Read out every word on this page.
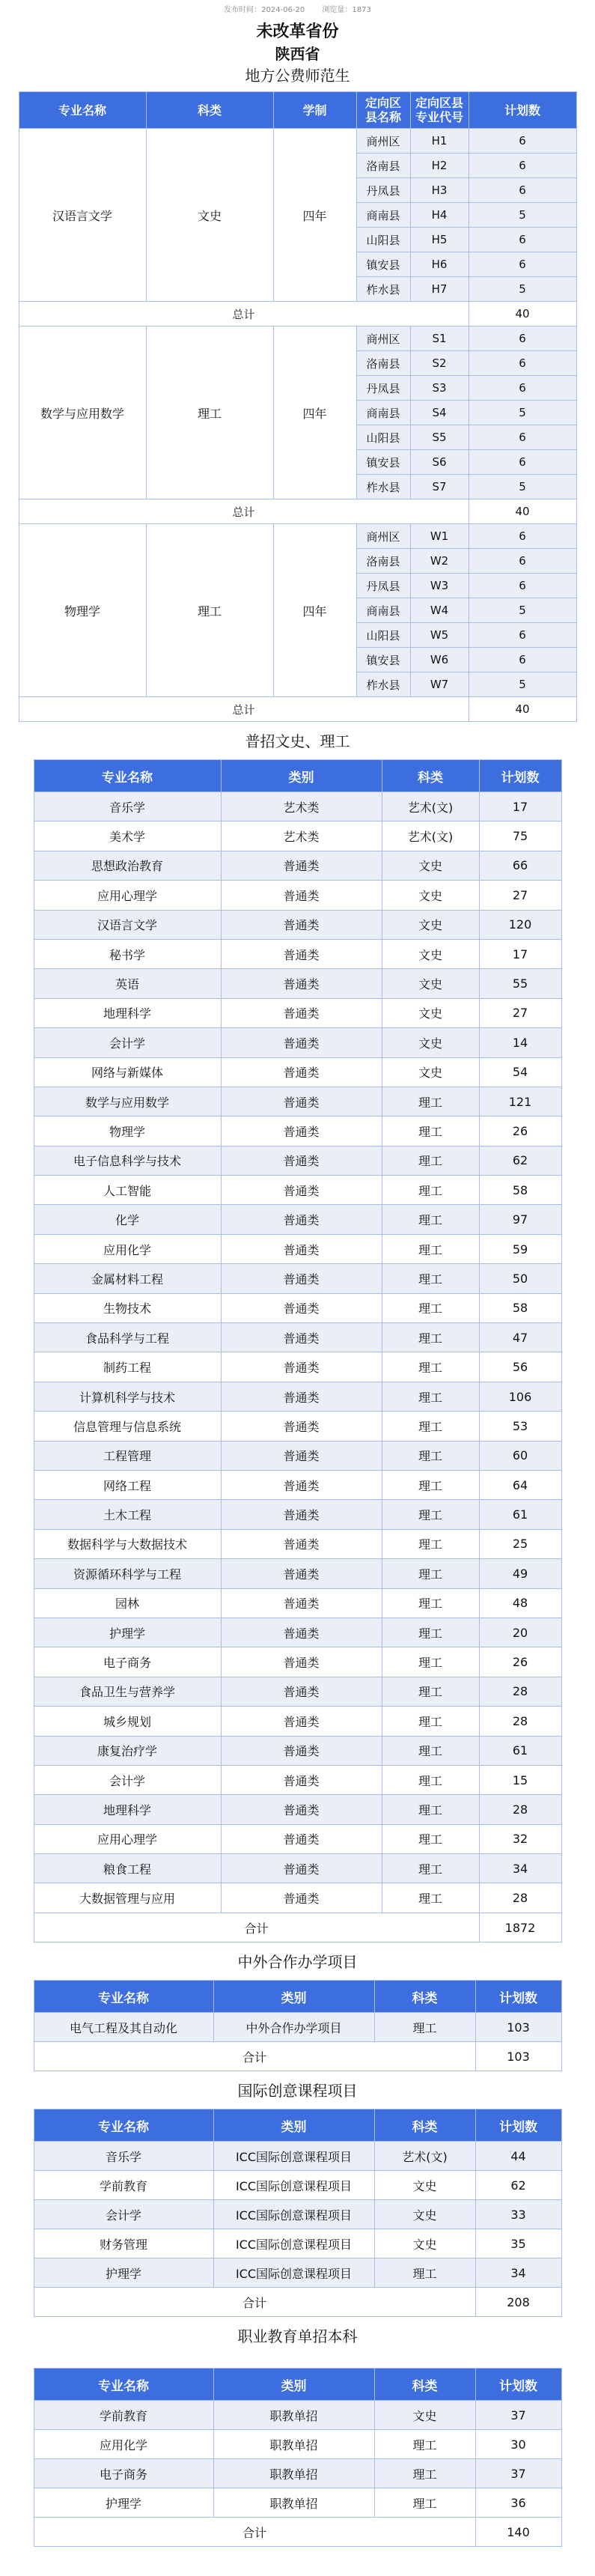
发布时间：2024-06-20 浏览量：1873
未改革省份
陕西省
地方公费师范生
专业名称	科类	学制	定向区县名称	定向区县专业代号	计划数
汉语言文学	文史	四年	商州区	H1	6
			洛南县	H2	6
			丹凤县	H3	6
			商南县	H4	5
			山阳县	H5	6
			镇安县	H6	6
			柞水县	H7	5
总计					40
数学与应用数学	理工	四年	商州区	S1	6
			洛南县	S2	6
			丹凤县	S3	6
			商南县	S4	5
			山阳县	S5	6
			镇安县	S6	6
			柞水县	S7	5
总计					40
物理学	理工	四年	商州区	W1	6
			洛南县	W2	6
			丹凤县	W3	6
			商南县	W4	5
			山阳县	W5	6
			镇安县	W6	6
			柞水县	W7	5
总计					40
普招文史、理工
专业名称	类别	科类	计划数
音乐学	艺术类	艺术(文)	17
美术学	艺术类	艺术(文)	75
思想政治教育	普通类	文史	66
应用心理学	普通类	文史	27
汉语言文学	普通类	文史	120
秘书学	普通类	文史	17
英语	普通类	文史	55
地理科学	普通类	文史	27
会计学	普通类	文史	14
网络与新媒体	普通类	文史	54
数学与应用数学	普通类	理工	121
物理学	普通类	理工	26
电子信息科学与技术	普通类	理工	62
人工智能	普通类	理工	58
化学	普通类	理工	97
应用化学	普通类	理工	59
金属材料工程	普通类	理工	50
生物技术	普通类	理工	58
食品科学与工程	普通类	理工	47
制药工程	普通类	理工	56
计算机科学与技术	普通类	理工	106
信息管理与信息系统	普通类	理工	53
工程管理	普通类	理工	60
网络工程	普通类	理工	64
土木工程	普通类	理工	61
数据科学与大数据技术	普通类	理工	25
资源循环科学与工程	普通类	理工	49
园林	普通类	理工	48
护理学	普通类	理工	20
电子商务	普通类	理工	26
食品卫生与营养学	普通类	理工	28
城乡规划	普通类	理工	28
康复治疗学	普通类	理工	61
会计学	普通类	理工	15
地理科学	普通类	理工	28
应用心理学	普通类	理工	32
粮食工程	普通类	理工	34
大数据管理与应用	普通类	理工	28
合计			1872
中外合作办学项目
专业名称	类别	科类	计划数
电气工程及其自动化	中外合作办学项目	理工	103
合计			103
国际创意课程项目
专业名称	类别	科类	计划数
音乐学	ICC国际创意课程项目	艺术(文)	44
学前教育	ICC国际创意课程项目	文史	62
会计学	ICC国际创意课程项目	文史	33
财务管理	ICC国际创意课程项目	文史	35
护理学	ICC国际创意课程项目	理工	34
合计			208
职业教育单招本科
专业名称	类别	科类	计划数
学前教育	职教单招	文史	37
应用化学	职教单招	理工	30
电子商务	职教单招	理工	37
护理学	职教单招	理工	36
合计			140
